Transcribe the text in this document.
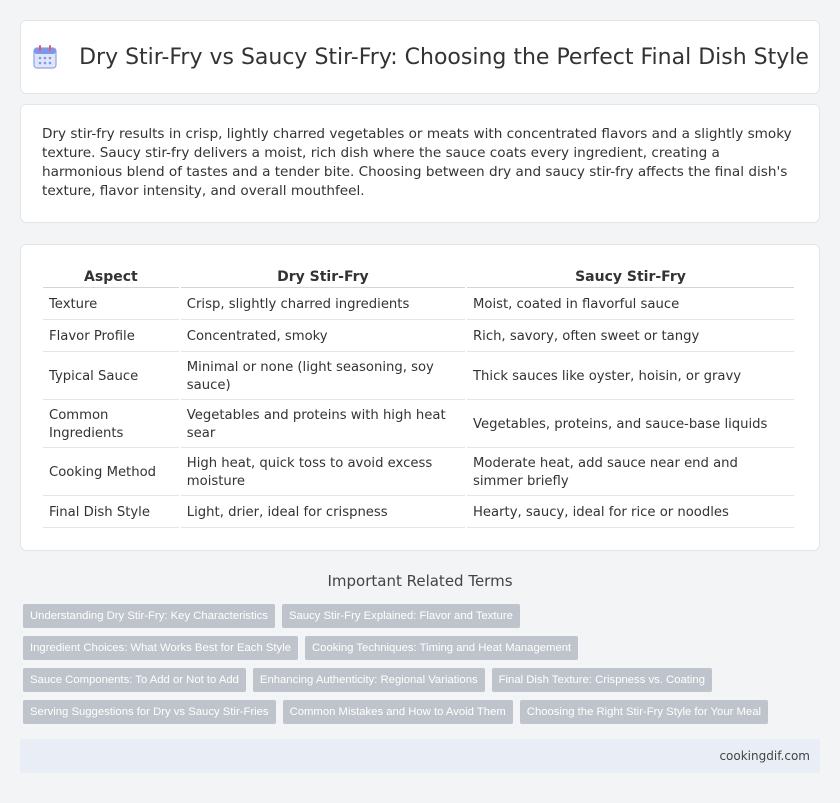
Dry Stir-Fry vs Saucy Stir-Fry: Choosing the Perfect Final Dish Style

Dry stir-fry results in crisp, lightly charred vegetables or meats with concentrated flavors and a slightly smoky texture. Saucy stir-fry delivers a moist, rich dish where the sauce coats every ingredient, creating a harmonious blend of tastes and a tender bite. Choosing between dry and saucy stir-fry affects the final dish's texture, flavor intensity, and overall mouthfeel.

Aspect	Dry Stir-Fry	Saucy Stir-Fry
Texture	Crisp, slightly charred ingredients	Moist, coated in flavorful sauce
Flavor Profile	Concentrated, smoky	Rich, savory, often sweet or tangy
Typical Sauce	Minimal or none (light seasoning, soy sauce)	Thick sauces like oyster, hoisin, or gravy
Common Ingredients	Vegetables and proteins with high heat sear	Vegetables, proteins, and sauce-base liquids
Cooking Method	High heat, quick toss to avoid excess moisture	Moderate heat, add sauce near end and simmer briefly
Final Dish Style	Light, drier, ideal for crispness	Hearty, saucy, ideal for rice or noodles
Important Related Terms
Understanding Dry Stir-Fry: Key Characteristics	Saucy Stir-Fry Explained: Flavor and Texture
Ingredient Choices: What Works Best for Each Style	Cooking Techniques: Timing and Heat Management
Sauce Components: To Add or Not to Add	Enhancing Authenticity: Regional Variations	Final Dish Texture: Crispness vs. Coating
Serving Suggestions for Dry vs Saucy Stir-Fries	Common Mistakes and How to Avoid Them	Choosing the Right Stir-Fry Style for Your Meal
cookingdif.com
